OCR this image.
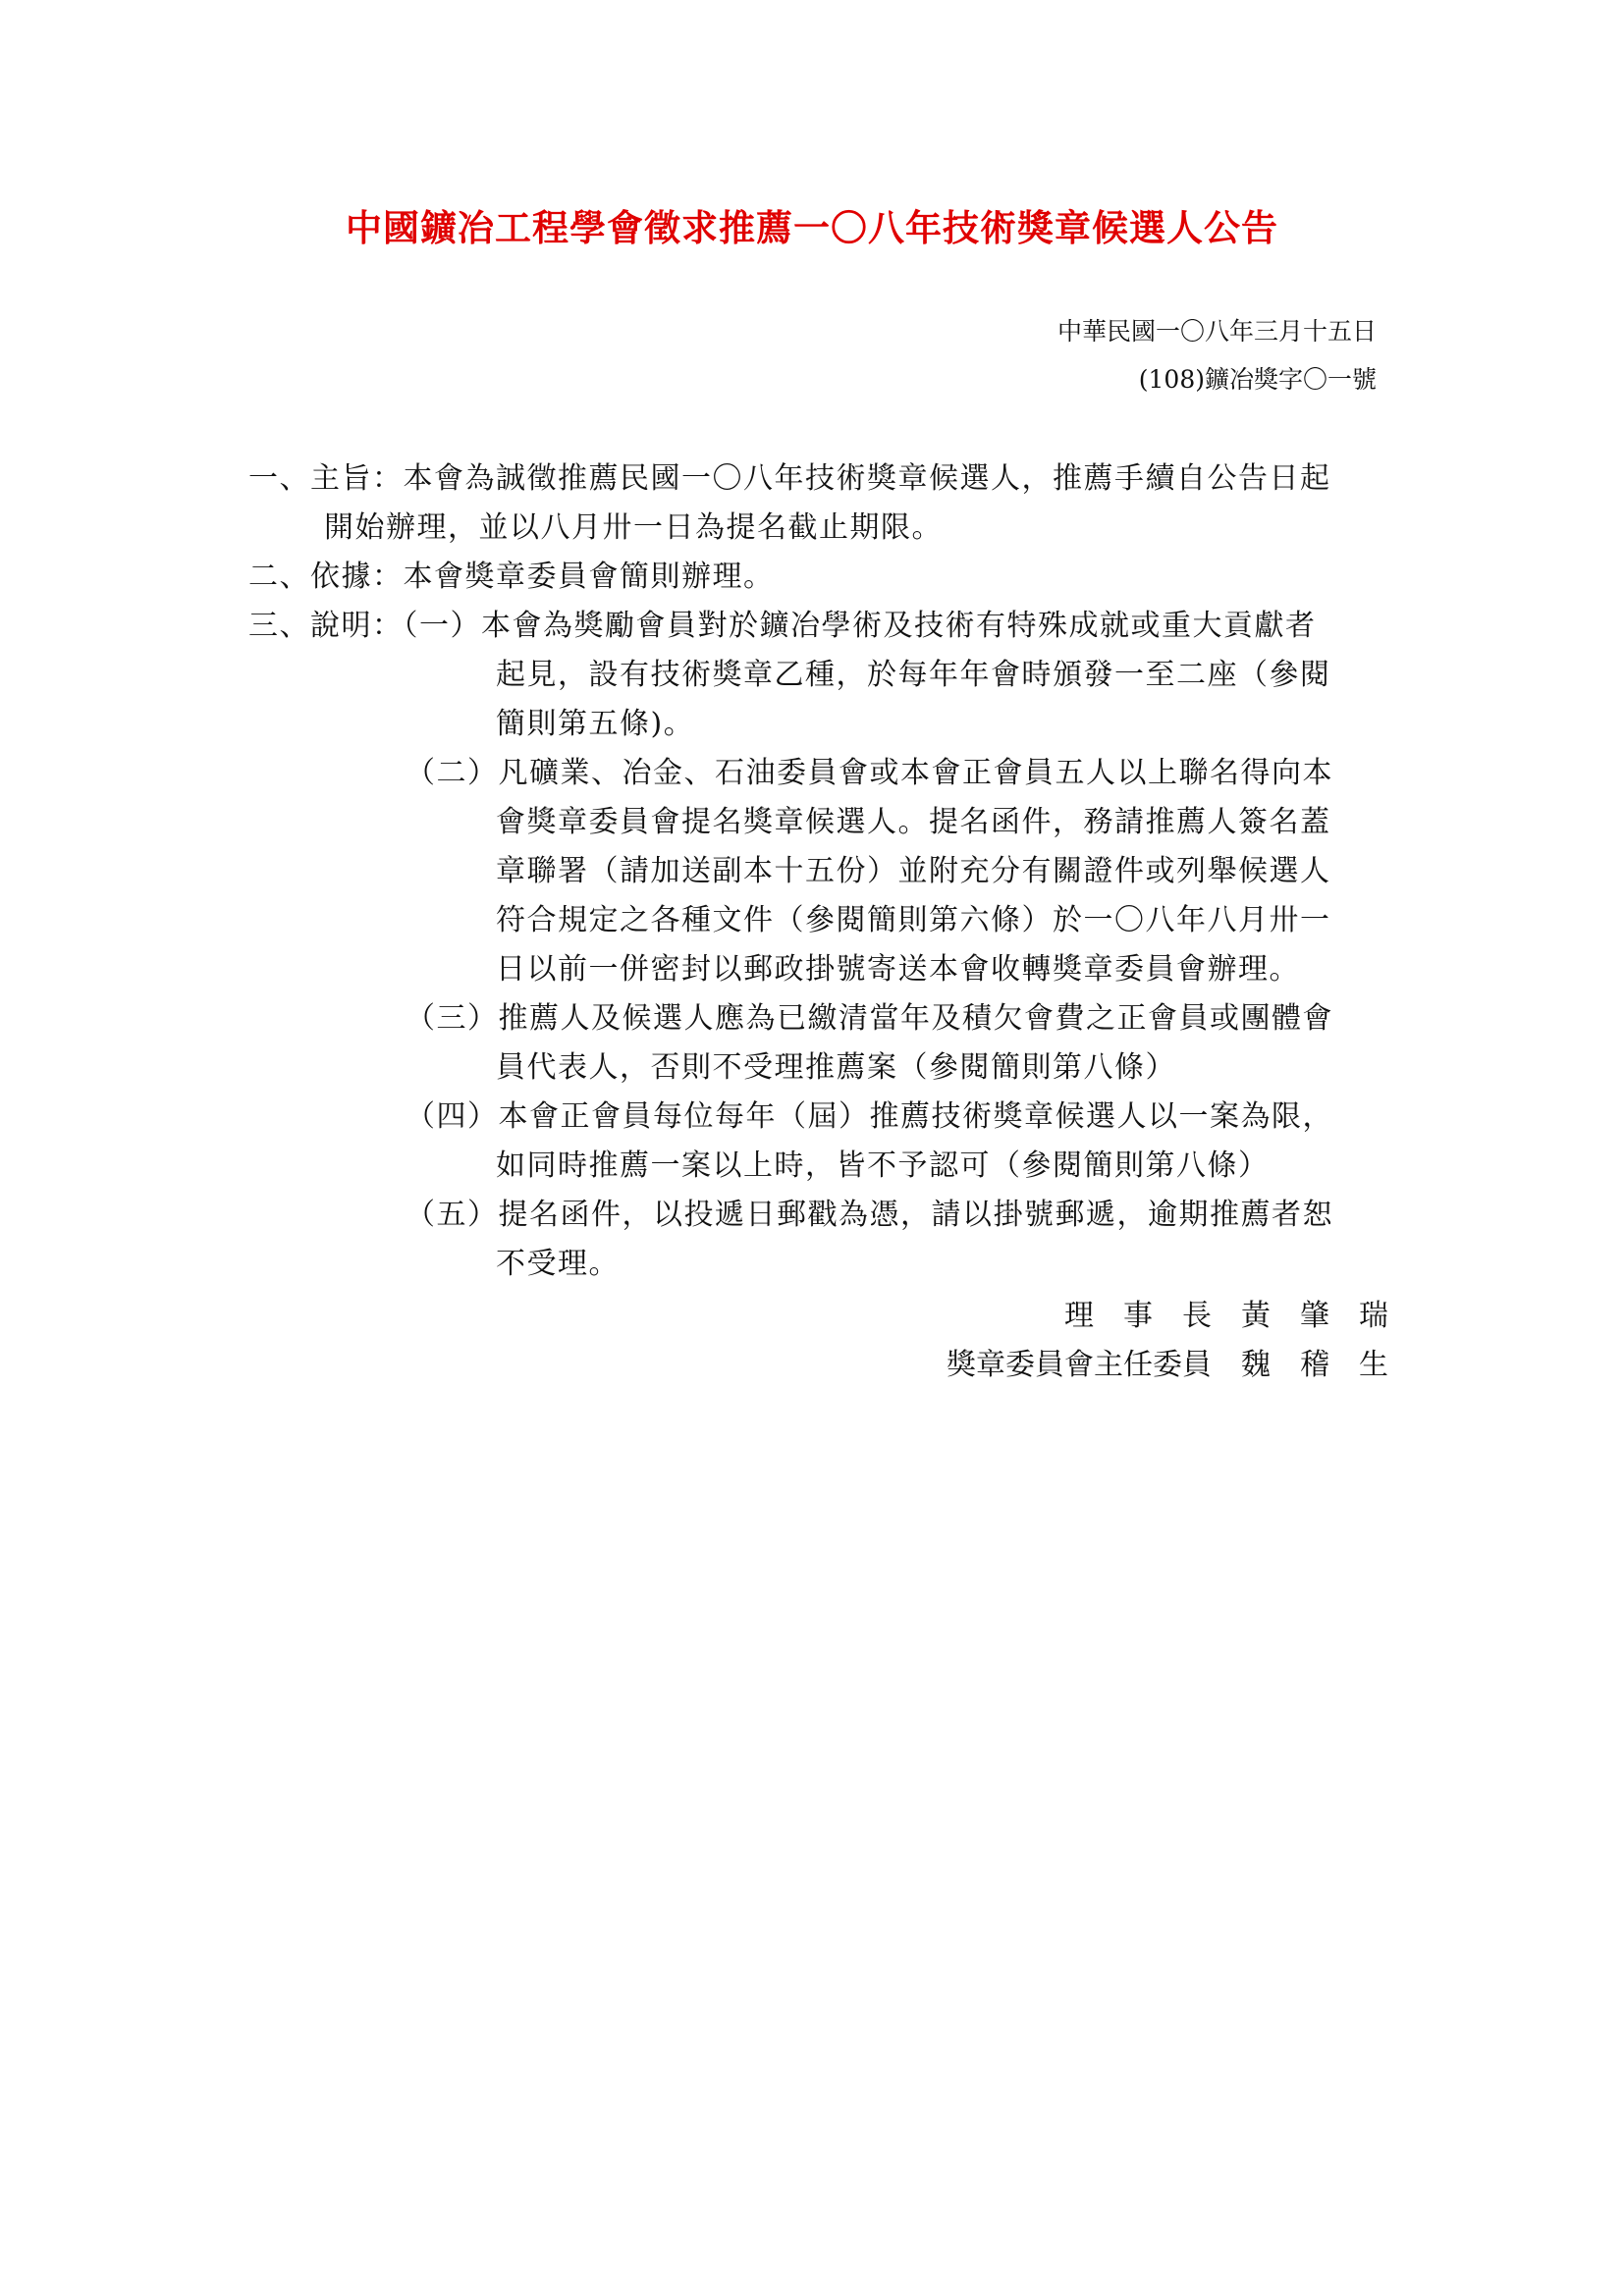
中國鑛冶工程學會徵求推薦一〇八年技術獎章候選人公告
中華民國一〇八年三月十五日
(108)鑛冶獎字〇一號
一、主旨：本會為誠徵推薦民國一〇八年技術獎章候選人，推薦手續自公告日起
開始辦理，並以八月卅一日為提名截止期限。
二、依據：本會獎章委員會簡則辦理。
三、說明：（一）本會為獎勵會員對於鑛冶學術及技術有特殊成就或重大貢獻者
起見，設有技術獎章乙種，於每年年會時頒發一至二座（參閱
簡則第五條)。
（二）凡礦業、冶金、石油委員會或本會正會員五人以上聯名得向本
會獎章委員會提名獎章候選人。提名函件，務請推薦人簽名蓋
章聯署（請加送副本十五份）並附充分有關證件或列舉候選人
符合規定之各種文件（參閱簡則第六條）於一〇八年八月卅一
日以前一併密封以郵政掛號寄送本會收轉獎章委員會辦理。
（三）推薦人及候選人應為已繳清當年及積欠會費之正會員或團體會
員代表人，否則不受理推薦案（參閱簡則第八條）
（四）本會正會員每位每年（屆）推薦技術獎章候選人以一案為限，
如同時推薦一案以上時，皆不予認可（參閱簡則第八條）
（五）提名函件，以投遞日郵戳為憑，請以掛號郵遞，逾期推薦者恕
不受理。
理　事　長　黃　肇　瑞
獎章委員會主任委員　魏　稽　生
